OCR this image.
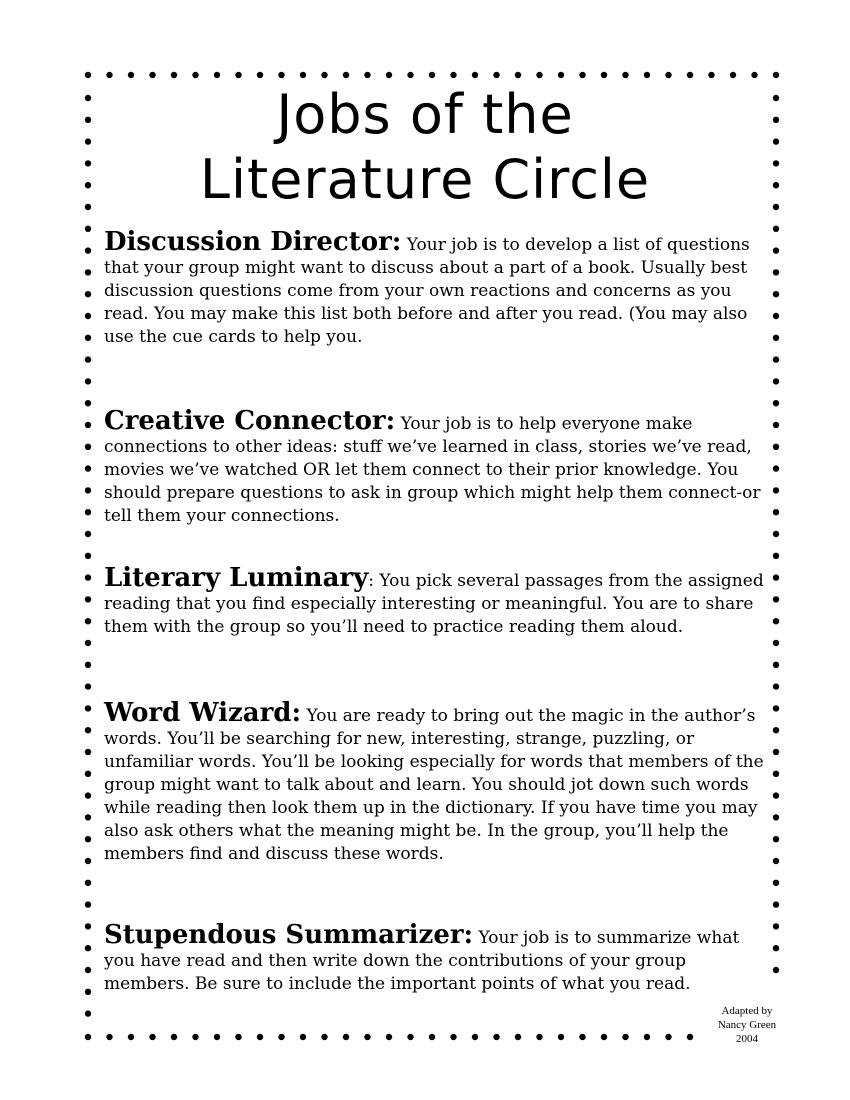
Jobs of the
Literature Circle

Discussion Director: Your job is to develop a list of questions that your group might want to discuss about a part of a book. Usually best discussion questions come from your own reactions and concerns as you read. You may make this list both before and after you read. (You may also use the cue cards to help you.

Creative Connector: Your job is to help everyone make connections to other ideas: stuff we’ve learned in class, stories we’ve read, movies we’ve watched OR let them connect to their prior knowledge. You should prepare questions to ask in group which might help them connect-or tell them your connections.

Literary Luminary: You pick several passages from the assigned reading that you find especially interesting or meaningful. You are to share them with the group so you’ll need to practice reading them aloud.

Word Wizard: You are ready to bring out the magic in the author’s words. You’ll be searching for new, interesting, strange, puzzling, or unfamiliar words. You’ll be looking especially for words that members of the group might want to talk about and learn. You should jot down such words while reading then look them up in the dictionary. If you have time you may also ask others what the meaning might be. In the group, you’ll help the members find and discuss these words.

Stupendous Summarizer: Your job is to summarize what you have read and then write down the contributions of your group members. Be sure to include the important points of what you read.

Adapted by
Nancy Green
2004
